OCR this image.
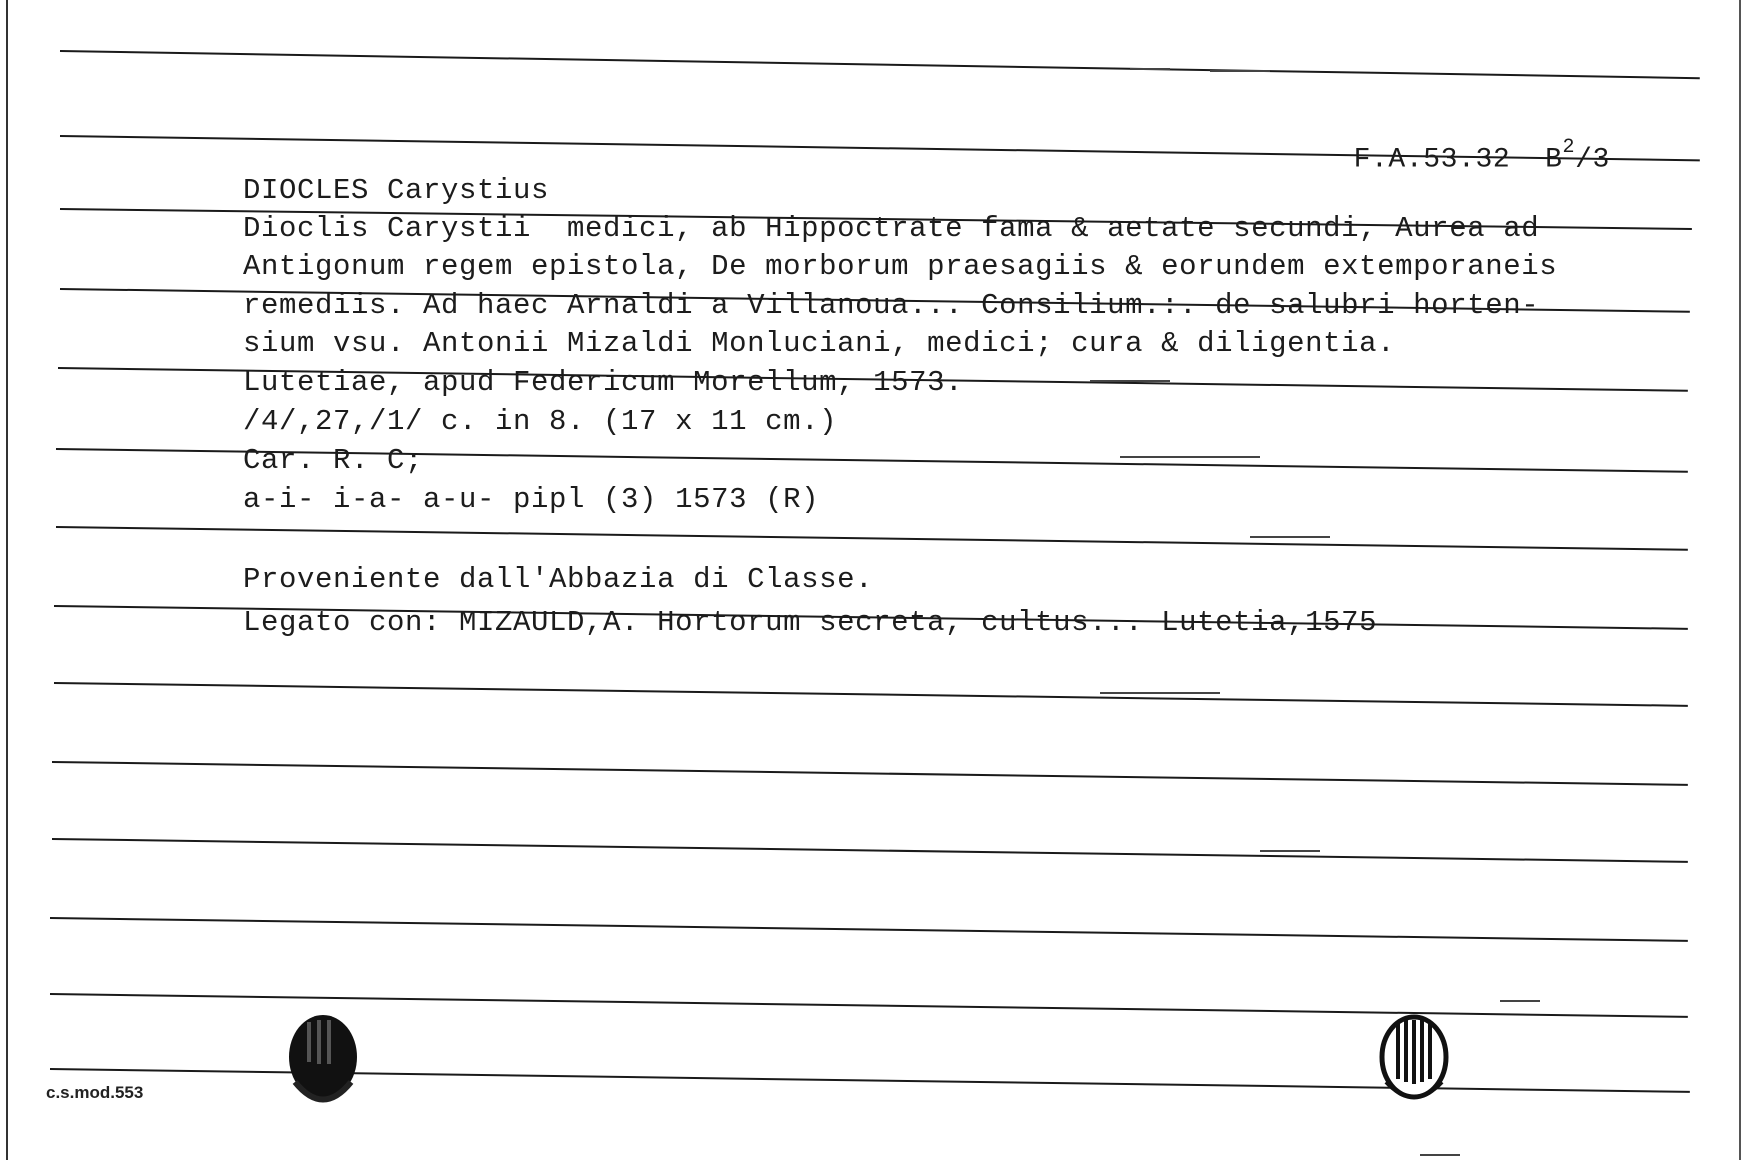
F.A.53.32 $B^2/3$

DIOCLES Carystius
Dioclis Carystii  medici, ab Hippoctrate fama & aetate secundi, Aurea ad
Antigonum regem epistola, De morborum praesagiis & eorundem extemporaneis
remediis. Ad haec Arnaldi a Villanoua... Consilium.:. de salubri horten-
sium vsu. Antonii Mizaldi Monluciani, medici; cura & diligentia.
Lutetiae, apud Federicum Morellum, 1573.
/4/,27,/1/ c. in 8. (17 x 11 cm.)
Car. R. C;
a-i- i-a- a-u- pipl (3) 1573 (R)
Proveniente dall'Abbazia di Classe.
Legato con: MIZAULD,A. Hortorum secreta, cultus... Lutetia,1575
c.s.mod.553
